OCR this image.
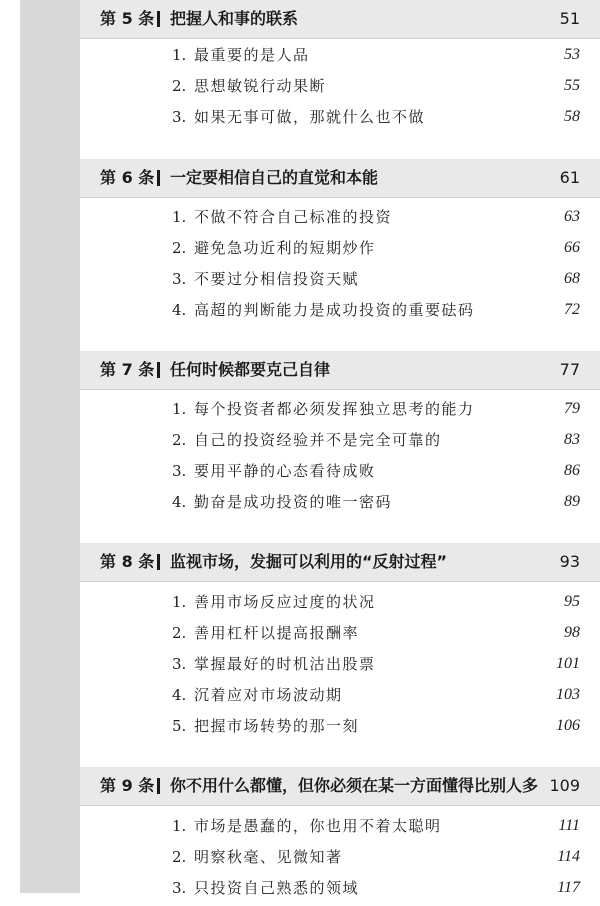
第 5 条 把握人和事的联系	51
1. 最重要的是人品	53
2. 思想敏锐行动果断	55
3. 如果无事可做，那就什么也不做	58
第 6 条 一定要相信自己的直觉和本能	61
1. 不做不符合自己标准的投资	63
2. 避免急功近利的短期炒作	66
3. 不要过分相信投资天赋	68
4. 高超的判断能力是成功投资的重要砝码	72
第 7 条 任何时候都要克己自律	77
1. 每个投资者都必须发挥独立思考的能力	79
2. 自己的投资经验并不是完全可靠的	83
3. 要用平静的心态看待成败	86
4. 勤奋是成功投资的唯一密码	89
第 8 条 监视市场，发掘可以利用的“反射过程”	93
1. 善用市场反应过度的状况	95
2. 善用杠杆以提高报酬率	98
3. 掌握最好的时机沽出股票	101
4. 沉着应对市场波动期	103
5. 把握市场转势的那一刻	106
第 9 条 你不用什么都懂，但你必须在某一方面懂得比别人多 109
1. 市场是愚蠢的，你也用不着太聪明	111
2. 明察秋毫、见微知著	114
3. 只投资自己熟悉的领域	117
